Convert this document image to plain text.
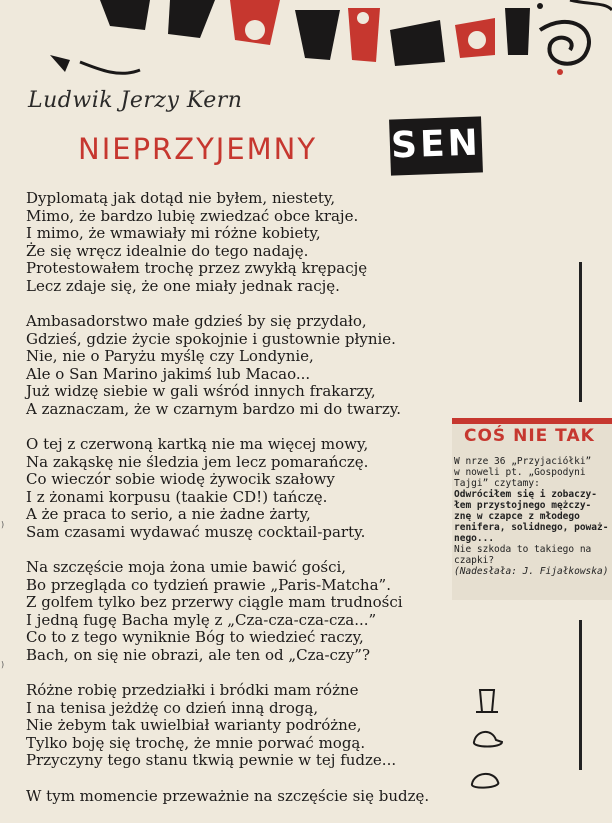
)
)
Ludwik Jerzy Kern
NIEPRZYJEMNY SEN
Dyplomatą jak dotąd nie byłem, niestety,
Mimo, że bardzo lubię zwiedzać obce kraje.
I mimo, że wmawiały mi różne kobiety,
Że się wręcz idealnie do tego nadaję.
Protestowałem trochę przez zwykłą krępację
Lecz zdaje się, że one miały jednak rację.
Ambasadorstwo małe gdzieś by się przydało,
Gdzieś, gdzie życie spokojnie i gustownie płynie.
Nie, nie o Paryżu myślę czy Londynie,
Ale o San Marino jakimś lub Macao...
Już widzę siebie w gali wśród innych frakarzy,
A zaznaczam, że w czarnym bardzo mi do twarzy.
O tej z czerwoną kartką nie ma więcej mowy,
Na zakąskę nie śledzia jem lecz pomarańczę.
Co wieczór sobie wiodę żywocik szałowy
I z żonami korpusu (taakie CD!) tańczę.
A że praca to serio, a nie żadne żarty,
Sam czasami wydawać muszę cocktail-party.
Na szczęście moja żona umie bawić gości,
Bo przegląda co tydzień prawie „Paris-Matcha”.
Z golfem tylko bez przerwy ciągle mam trudności
I jedną fugę Bacha mylę z „Cza-cza-cza-cza...”
Co to z tego wyniknie Bóg to wiedzieć raczy,
Bach, on się nie obrazi, ale ten od „Cza-czy”?
Różne robię przedziałki i bródki mam różne
I na tenisa jeżdżę co dzień inną drogą,
Nie żebym tak uwielbiał warianty podróżne,
Tylko boję się trochę, że mnie porwać mogą.
Przyczyny tego stanu tkwią pewnie w tej fudze...
W tym momencie przeważnie na szczęście się budzę.
COŚ NIE TAK
W nrze 36 „Przyjaciółki”
w noweli pt. „Gospodyni
Tajgi” czytamy:
Odwróciłem się i zobaczy-
łem przystojnego mężczy-
znę w czapce z młodego
renifera, solidnego, poważ-
nego...
Nie szkoda to takiego na
czapki?
(Nadesłała: J. Fijałkowska)
